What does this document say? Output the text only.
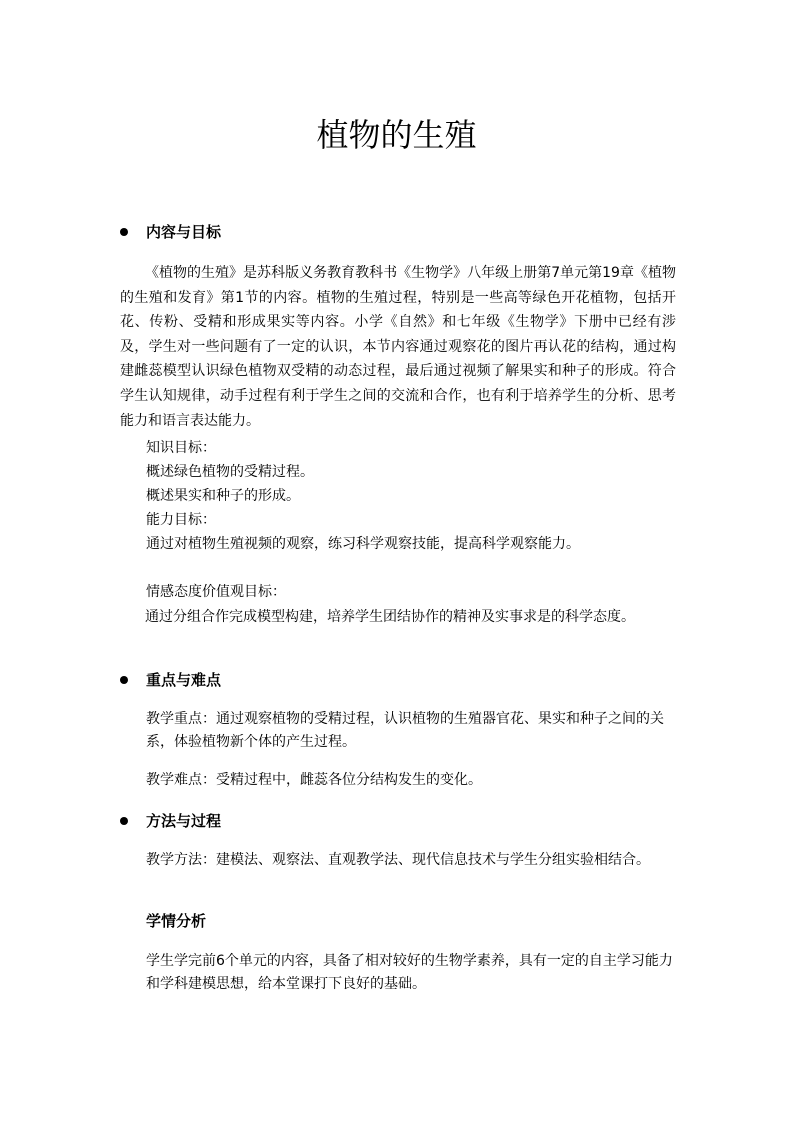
植物的生殖
内容与目标

《植物的生殖》是苏科版义务教育教科书《生物学》八年级上册第7单元第19章《植物的生殖和发育》第1节的内容。植物的生殖过程，特别是一些高等绿色开花植物，包括开花、传粉、受精和形成果实等内容。小学《自然》和七年级《生物学》下册中已经有涉及，学生对一些问题有了一定的认识，本节内容通过观察花的图片再认花的结构，通过构建雌蕊模型认识绿色植物双受精的动态过程，最后通过视频了解果实和种子的形成。符合学生认知规律，动手过程有利于学生之间的交流和合作，也有利于培养学生的分析、思考能力和语言表达能力。

知识目标：
概述绿色植物的受精过程。
概述果实和种子的形成。
能力目标：
通过对植物生殖视频的观察，练习科学观察技能，提高科学观察能力。
情感态度价值观目标：

通过分组合作完成模型构建，培养学生团结协作的精神及实事求是的科学态度。

重点与难点

教学重点：通过观察植物的受精过程，认识植物的生殖器官花、果实和种子之间的关系，体验植物新个体的产生过程。

教学难点：受精过程中，雌蕊各位分结构发生的变化。

方法与过程

教学方法：建模法、观察法、直观教学法、现代信息技术与学生分组实验相结合。

学情分析

学生学完前6个单元的内容，具备了相对较好的生物学素养，具有一定的自主学习能力和学科建模思想，给本堂课打下良好的基础。
